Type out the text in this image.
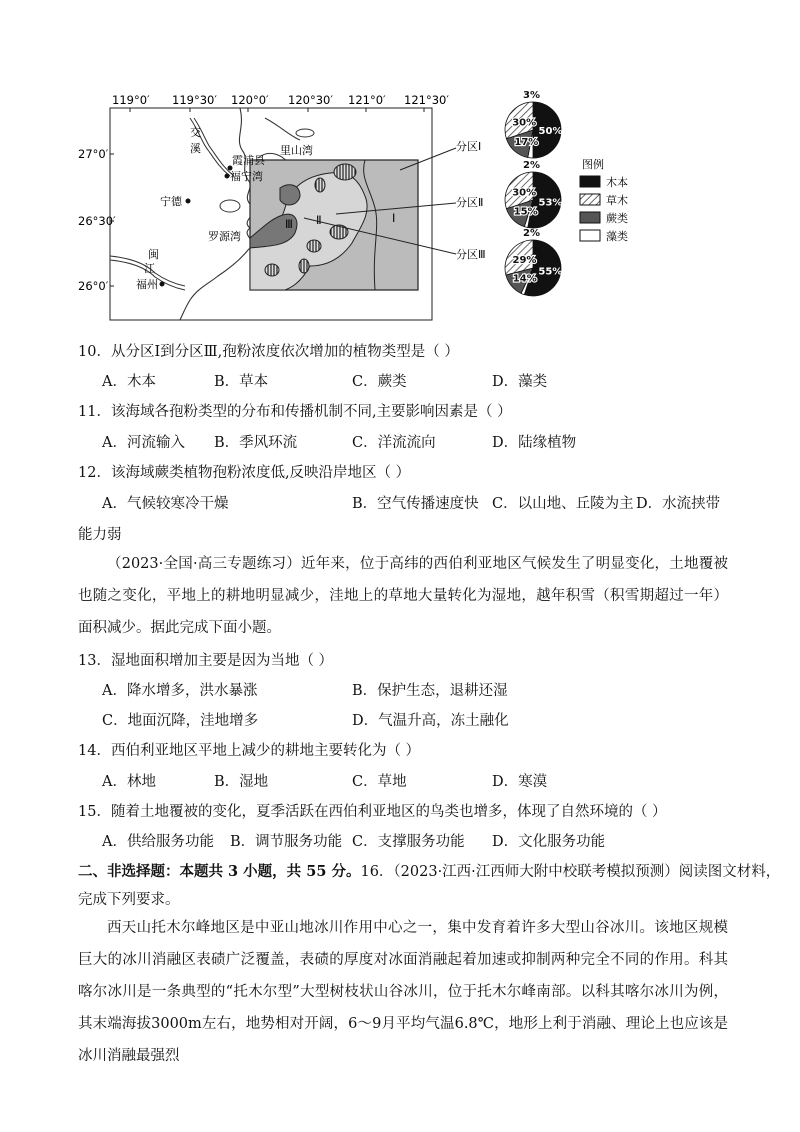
Ⅰ
Ⅱ
Ⅲ
119°0′ 119°30′ 120°0′ 120°30′ 121°0′ 121°30′
27°0′
26°30′
26°0′
交
溪
霞浦县
福宁湾
里山湾
宁德
罗源湾
闽
江
福州
分区Ⅰ
分区Ⅱ
分区Ⅲ
50%
3%
17%
30%
53%
2%
15%
30%
55%
2%
14%
29%
图例
木本
草木
蕨类
藻类
10．从分区Ⅰ到分区Ⅲ,孢粉浓度依次增加的植物类型是（ ）
A．木本	B．草本	C．蕨类	D．藻类
11．该海域各孢粉类型的分布和传播机制不同,主要影响因素是（ ）
A．河流输入 B．季风环流	C．洋流流向	D．陆缘植物
12．该海域蕨类植物孢粉浓度低,反映沿岸地区（ ）
A．气候较寒冷干燥	B．空气传播速度快 C．以山地、丘陵为主 D．水流挟带
能力弱
（2023·全国·高三专题练习）近年来，位于高纬的西伯利亚地区气候发生了明显变化，土地覆被也随之变化，平地上的耕地明显减少，洼地上的草地大量转化为湿地，越年积雪（积雪期超过一年）面积减少。据此完成下面小题。
13．湿地面积增加主要是因为当地（ ）
A．降水增多，洪水暴涨	B．保护生态，退耕还湿
C．地面沉降，洼地增多	D．气温升高，冻土融化
14．西伯利亚地区平地上减少的耕地主要转化为（ ）
A．林地	B．湿地	C．草地	D．寒漠
15．随着土地覆被的变化，夏季活跃在西伯利亚地区的鸟类也增多，体现了自然环境的（ ）
A．供给服务功能 B．调节服务功能 C．支撑服务功能 D．文化服务功能
二、非选择题：本题共 3 小题，共 55 分。16．（2023·江西·江西师大附中校联考模拟预测）阅读图文材料，
完成下列要求。
西天山托木尔峰地区是中亚山地冰川作用中心之一，集中发育着许多大型山谷冰川。该地区规模巨大的冰川消融区表碛广泛覆盖，表碛的厚度对冰面消融起着加速或抑制两种完全不同的作用。科其喀尔冰川是一条典型的“托木尔型”大型树枝状山谷冰川，位于托木尔峰南部。以科其喀尔冰川为例，其末端海拔3000m左右，地势相对开阔，6～9月平均气温6.8℃，地形上利于消融、理论上也应该是冰川消融最强烈
